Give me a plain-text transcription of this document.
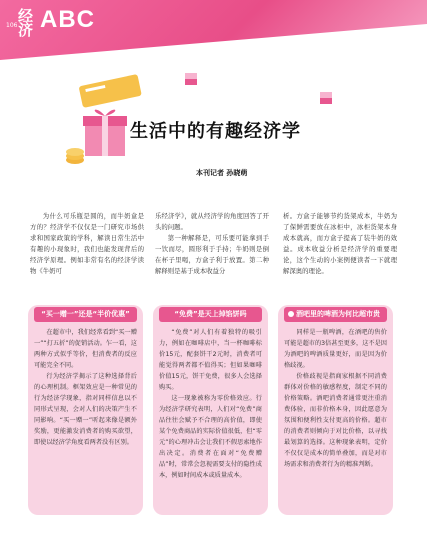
106
经济 ABC
生活中的有趣经济学
本刊记者 孙晓萌

为什么可乐瓶是圆的，而牛奶盒是方的？经济学不仅仅是一门研究市场供求和国家政策的学科，解读日常生活中有趣的小现象时，我们也能发现背后的经济学原理。例如非常有名的经济学读物《牛奶可

乐经济学》，就从经济学的角度回答了开头的问题。

第一种解释是，可乐要可能拿到手一饮而尽，圆形利于手持；牛奶则是倒在杯子里喝，方盒子利于放置。第二种解释则是基于成本收益分

析。方盒子能够节约货架成本，牛奶为了保鲜需要放在冰柜中，冰柜货架本身成本就高，而方盒子提高了装牛奶的效益。成本收益分析是经济学的重要理论，这个生动的小案例便读者一下就理解深奥的理论。

“买一赠一”还是“半价优惠”

在超市中，我们经常看到“买一赠一”“打五折”的促销活动。乍一看，这两种方式似乎等价，但消费者的反应可能完全不同。

行为经济学揭示了这种选择背后的心理机制。框架效应是一种常见的行为经济学现象，指对同样信息以不同形式呈现，会对人们的决策产生不同影响。“买一赠一”听起来像是额外奖励，更能激发消费者的购买欲望，即使以经济学角度看两者没有区别。

“免费”是天上掉馅饼吗

“免费”对人们有着独特的吸引力，例如在咖啡店中，当一杯咖啡标价15元，配套饼干2元时，消费者可能觉得两者都不值得买；但如果咖啡价值15元，饼干免费，很多人会选择购买。

这一现象被称为零价格效应。行为经济学研究表明，人们对“免费”商品往往会赋予不合理的高价值，即使某个免费商品的实际价值很低，但“零元”的心理冲击会让我们不假思索地作出决定。消费者在面对“免费赠品”时，常常会忽视需要支付的隐性成本，例如时间成本或质量成本。

酒吧里的啤酒为何比超市贵

同样是一瓶啤酒，在酒吧的售价可能是超市的3倍甚至更多，这不是因为酒吧的啤酒质量更好，而是因为价格歧视。

价格歧视是指商家根据不同消费群体对价格的敏感程度，制定不同的价格策略。酒吧消费者通常更注重消费体验，而非价格本身，因此愿意为氛围和便利性支付更高的价格。超市的消费者则倾向于对比价格，以寻找最划算的选择。这种现象表明，定价不仅仅是成本的简单叠加，而是对市场需求和消费者行为的精准判断。
